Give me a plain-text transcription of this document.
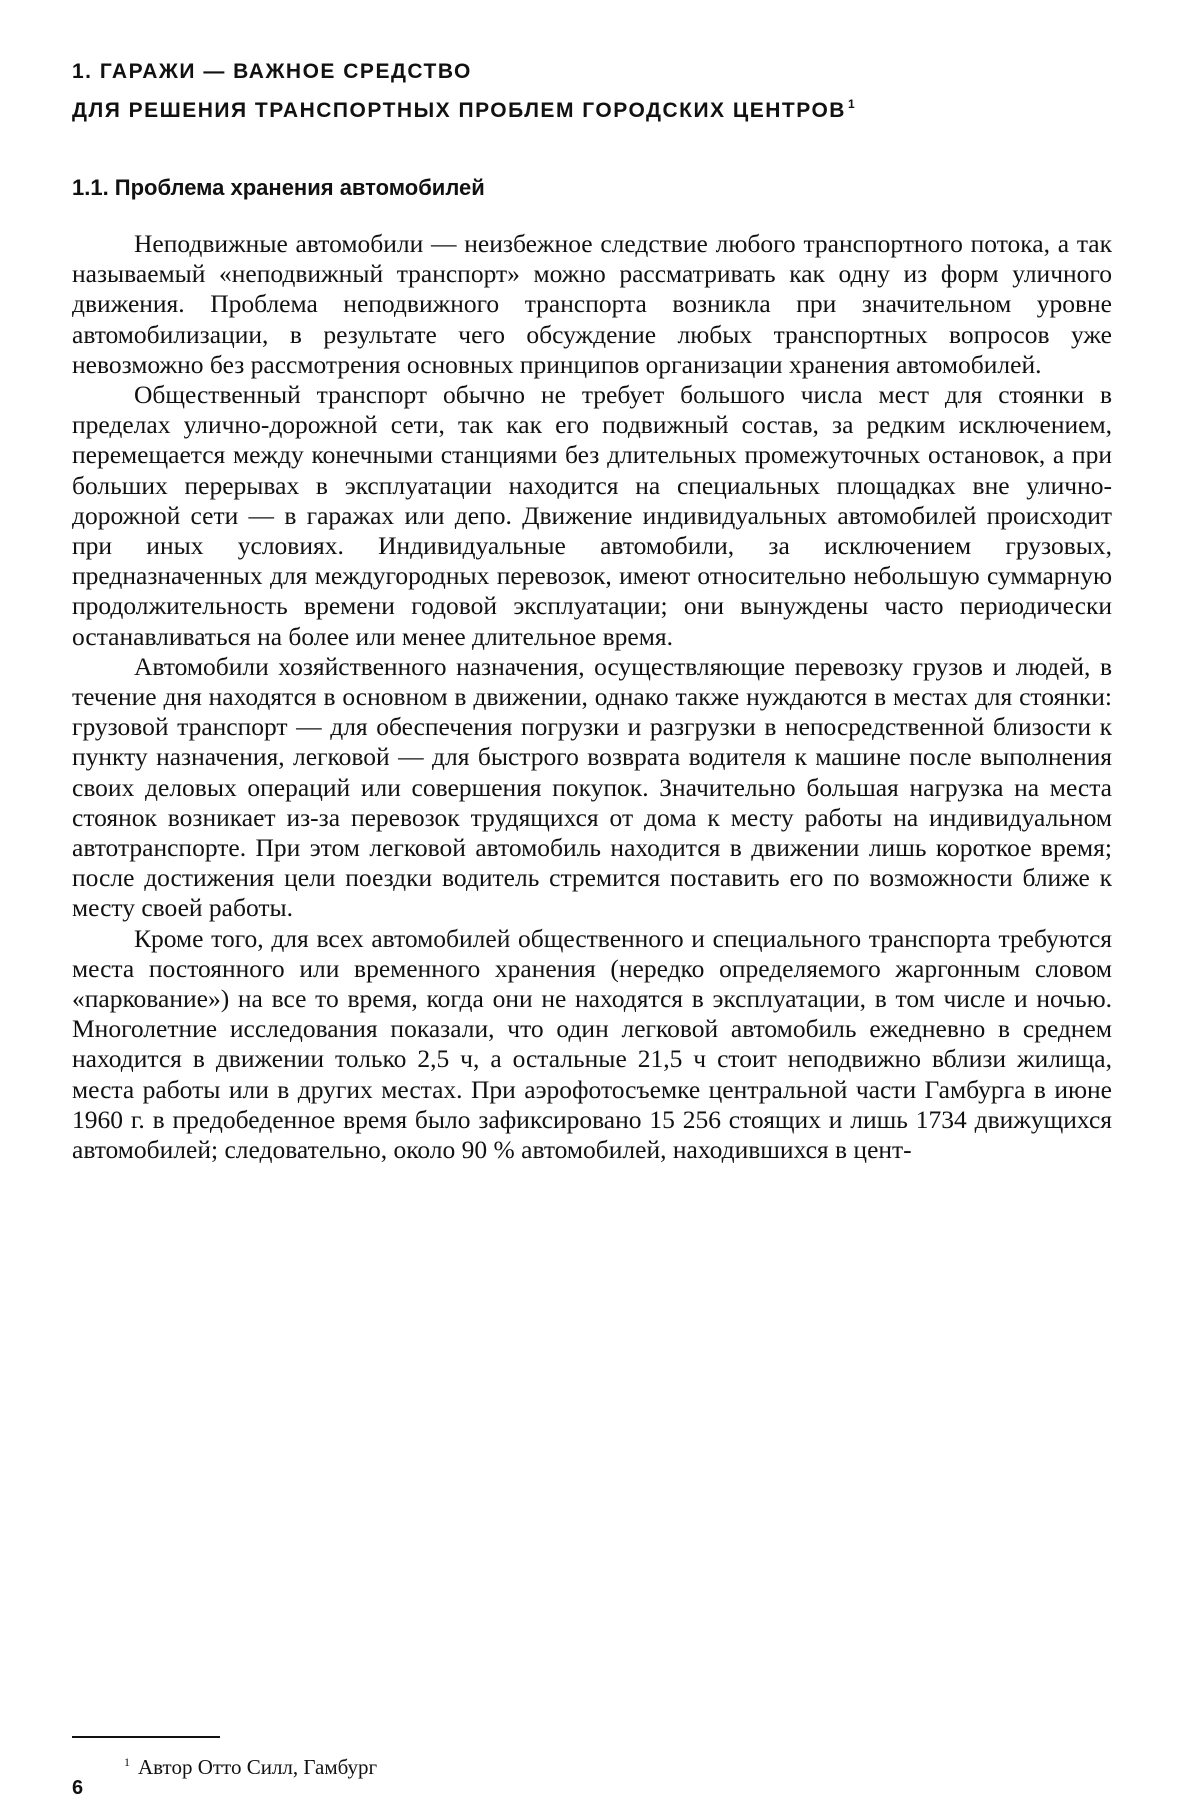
1. ГАРАЖИ — ВАЖНОЕ СРЕДСТВО
ДЛЯ РЕШЕНИЯ ТРАНСПОРТНЫХ ПРОБЛЕМ ГОРОДСКИХ ЦЕНТРОВ $^1$
1.1. Проблема хранения автомобилей

Неподвижные автомобили — неизбежное следствие любого транспортного потока, а так называемый «неподвижный транспорт» можно рассматривать как одну из форм уличного движения. Проблема неподвижного транспорта возникла при значительном уровне автомобилизации, в результате чего обсуждение любых транспортных вопросов уже невозможно без рассмотрения основных принципов организации хранения автомобилей.

Общественный транспорт обычно не требует большого числа мест для стоянки в пределах улично-дорожной сети, так как его подвижный состав, за редким исключением, перемещается между конечными станциями без длительных промежуточных остановок, а при больших перерывах в эксплуатации находится на специальных площадках вне улично-дорожной сети — в гаражах или депо. Движение индивидуальных автомобилей происходит при иных условиях. Индивидуальные автомобили, за исключением грузовых, предназначенных для междугородных перевозок, имеют относительно небольшую суммарную продолжительность времени годовой эксплуатации; они вынуждены часто периодически останавливаться на более или менее длительное время.

Автомобили хозяйственного назначения, осуществляющие перевозку грузов и людей, в течение дня находятся в основном в движении, однако также нуждаются в местах для стоянки: грузовой транспорт — для обеспечения погрузки и разгрузки в непосредственной близости к пункту назначения, легковой — для быстрого возврата водителя к машине после выполнения своих деловых операций или совершения покупок. Значительно большая нагрузка на места стоянок возникает из-за перевозок трудящихся от дома к месту работы на индивидуальном автотранспорте. При этом легковой автомобиль находится в движении лишь короткое время; после достижения цели поездки водитель стремится поставить его по возможности ближе к месту своей работы.

Кроме того, для всех автомобилей общественного и специального транспорта требуются места постоянного или временного хранения (нередко определяемого жаргонным словом «паркование») на все то время, когда они не находятся в эксплуатации, в том числе и ночью. Многолетние исследования показали, что один легковой автомобиль ежедневно в среднем находится в движении только 2,5 ч, а остальные 21,5 ч стоит неподвижно вблизи жилища, места работы или в других местах. При аэрофотосъемке центральной части Гамбурга в июне 1960 г. в предобеденное время было зафиксировано 15 256 стоящих и лишь 1734 движущихся автомобилей; следовательно, около 90 % автомобилей, находившихся в цент-

$^1$ Автор Отто Силл, Гамбург
6
